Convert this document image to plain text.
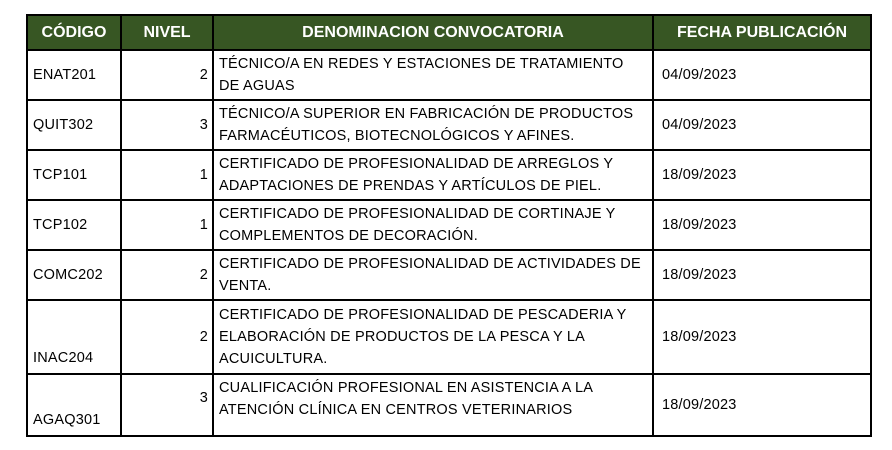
CÓDIGO	NIVEL	DENOMINACION CONVOCATORIA	FECHA PUBLICACIÓN
ENAT201	2	TÉCNICO/A EN REDES Y ESTACIONES DE TRATAMIENTO DE AGUAS	04/09/2023
QUIT302	3	TÉCNICO/A SUPERIOR EN FABRICACIÓN DE PRODUCTOS FARMACÉUTICOS, BIOTECNOLÓGICOS Y AFINES.	04/09/2023
TCP101	1	CERTIFICADO DE PROFESIONALIDAD DE ARREGLOS Y ADAPTACIONES DE PRENDAS Y ARTÍCULOS DE PIEL.	18/09/2023
TCP102	1	CERTIFICADO DE PROFESIONALIDAD DE CORTINAJE Y COMPLEMENTOS DE DECORACIÓN.	18/09/2023
COMC202	2	CERTIFICADO DE PROFESIONALIDAD DE ACTIVIDADES DE VENTA.	18/09/2023
INAC204	2	CERTIFICADO DE PROFESIONALIDAD DE PESCADERIA Y ELABORACIÓN DE PRODUCTOS DE LA PESCA Y LA ACUICULTURA.	18/09/2023
AGAQ301	3	CUALIFICACIÓN PROFESIONAL EN ASISTENCIA A LA ATENCIÓN CLÍNICA EN CENTROS VETERINARIOS	18/09/2023
